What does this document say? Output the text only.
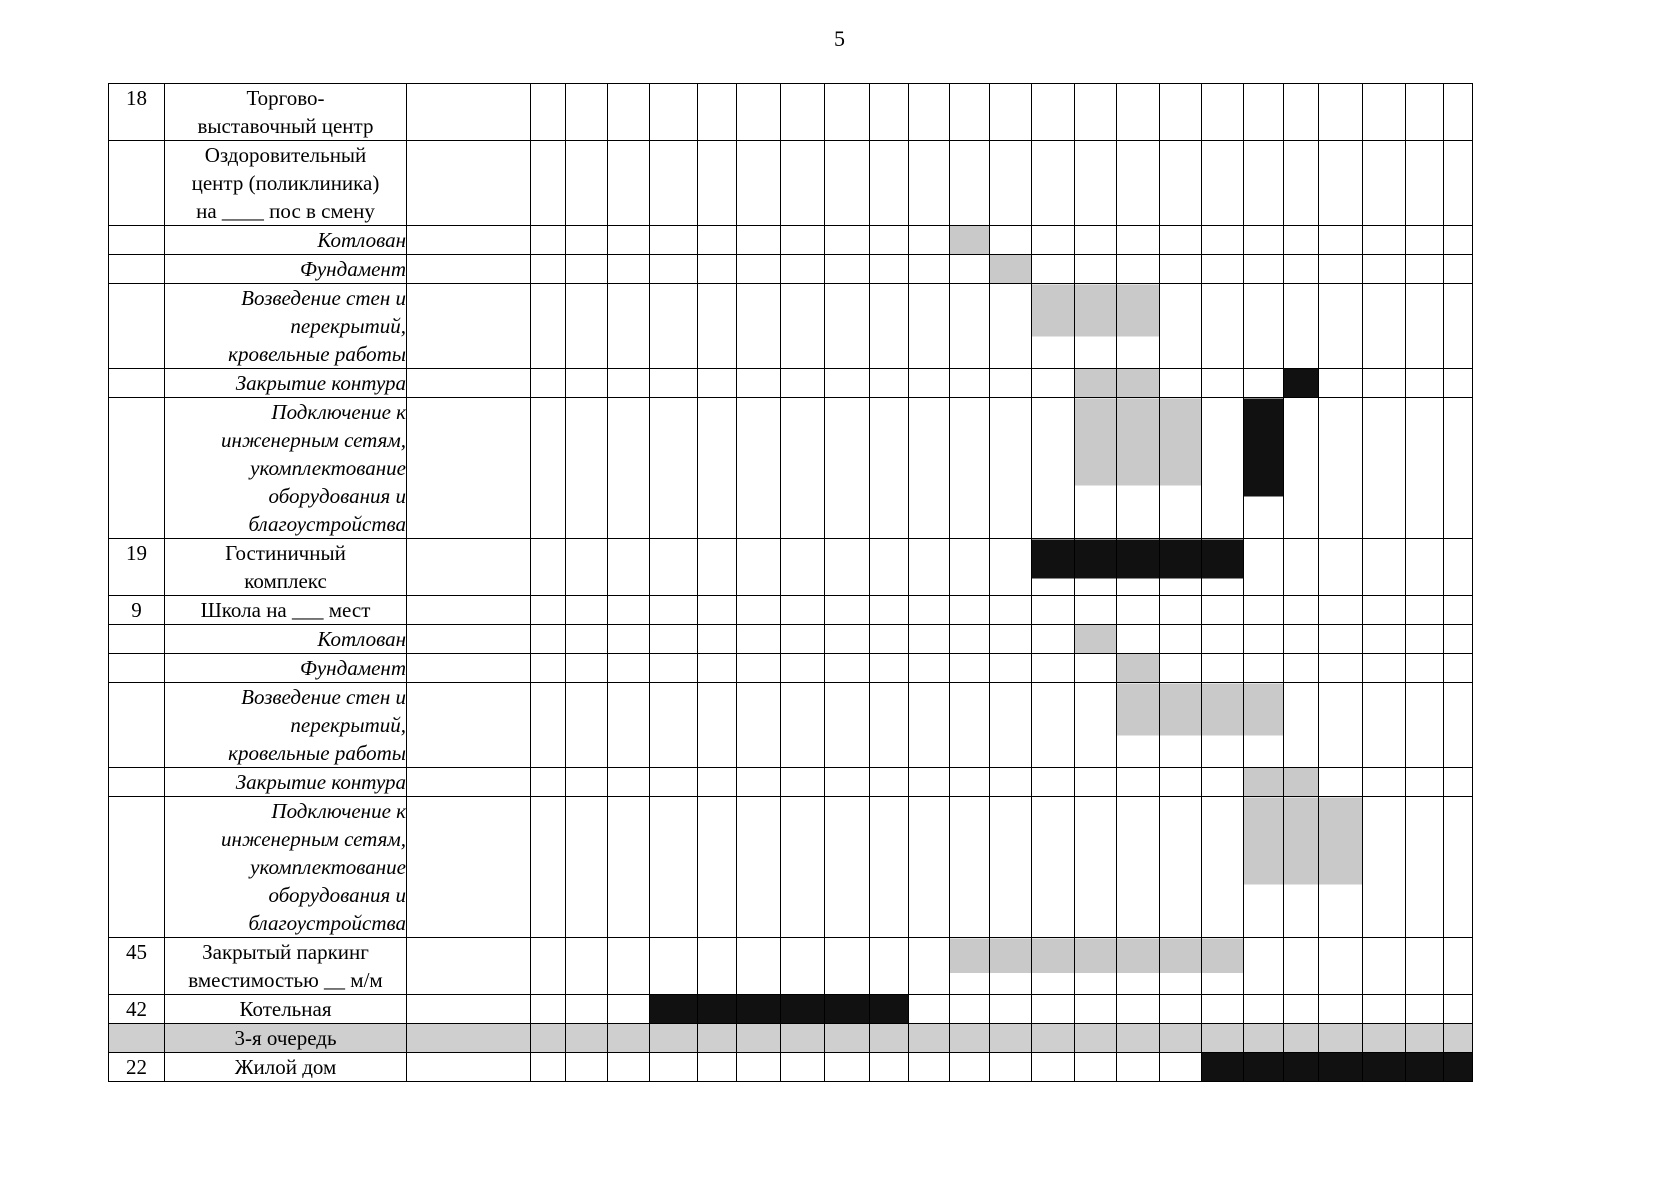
5
18	Торгово-
выставочный центр																								
	Оздоровительный
центр (поликлиника)
на ____ пос в смену																								
	Котлован																								
	Фундамент																								
	Возведение стен и
перекрытий,
кровельные работы																								
	Закрытие контура																								
	Подключение к
инженерным сетям,
укомплектование
оборудования и
благоустройства																								
19	Гостиничный
комплекс																								
9	Школа на ___ мест																								
	Котлован																								
	Фундамент																								
	Возведение стен и
перекрытий,
кровельные работы																								
	Закрытие контура																								
	Подключение к
инженерным сетям,
укомплектование
оборудования и
благоустройства																								
45	Закрытый паркинг
вместимостью __ м/м																								
42	Котельная																								
	3-я очередь																								
22	Жилой дом																								
